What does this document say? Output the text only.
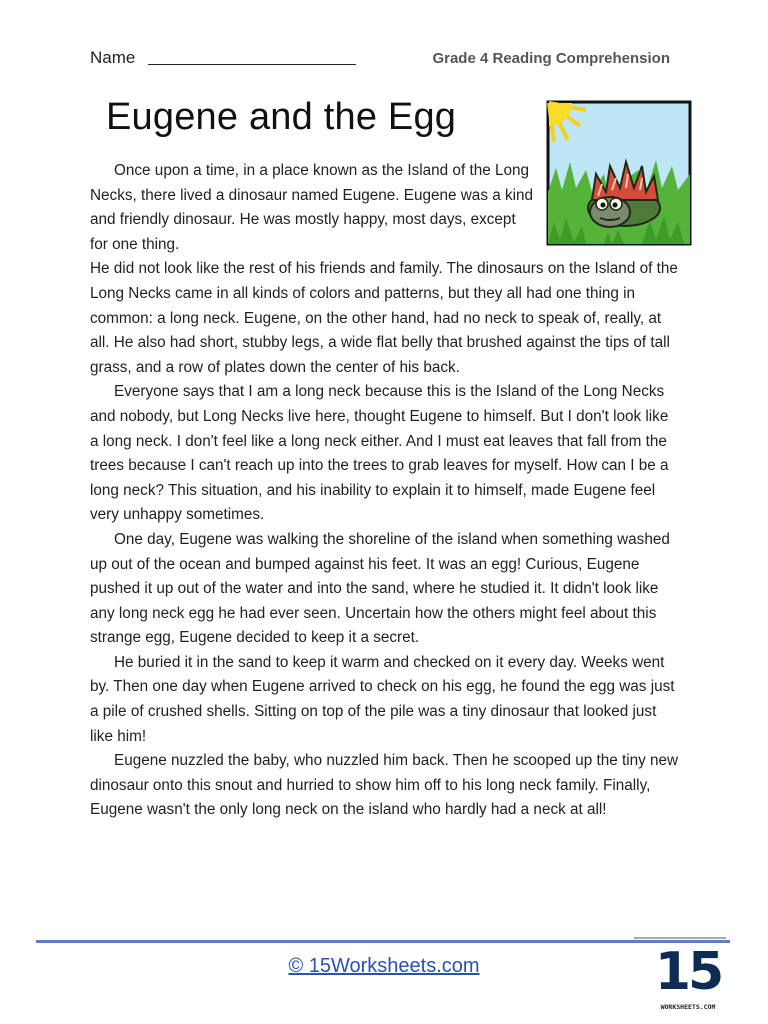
Name	Grade 4 Reading Comprehension
Eugene and the Egg

Once upon a time, in a place known as the Island of the Long Necks, there lived a dinosaur named Eugene. Eugene was a kind and friendly dinosaur. He was mostly happy, most days, except for one thing.

He did not look like the rest of his friends and family. The dinosaurs on the Island of the Long Necks came in all kinds of colors and patterns, but they all had one thing in common: a long neck. Eugene, on the other hand, had no neck to speak of, really, at all. He also had short, stubby legs, a wide flat belly that brushed against the tips of tall grass, and a row of plates down the center of his back.

Everyone says that I am a long neck because this is the Island of the Long Necks and nobody, but Long Necks live here, thought Eugene to himself. But I don't look like a long neck. I don't feel like a long neck either. And I must eat leaves that fall from the trees because I can't reach up into the trees to grab leaves for myself. How can I be a long neck? This situation, and his inability to explain it to himself, made Eugene feel very unhappy sometimes.

One day, Eugene was walking the shoreline of the island when something washed up out of the ocean and bumped against his feet. It was an egg! Curious, Eugene pushed it up out of the water and into the sand, where he studied it. It didn't look like any long neck egg he had ever seen. Uncertain how the others might feel about this strange egg, Eugene decided to keep it a secret.

He buried it in the sand to keep it warm and checked on it every day. Weeks went by. Then one day when Eugene arrived to check on his egg, he found the egg was just a pile of crushed shells. Sitting on top of the pile was a tiny dinosaur that looked just like him!

Eugene nuzzled the baby, who nuzzled him back. Then he scooped up the tiny new dinosaur onto this snout and hurried to show him off to his long neck family. Finally, Eugene wasn't the only long neck on the island who hardly had a neck at all!

© 15Worksheets.com	15
WORKSHEETS.COM
